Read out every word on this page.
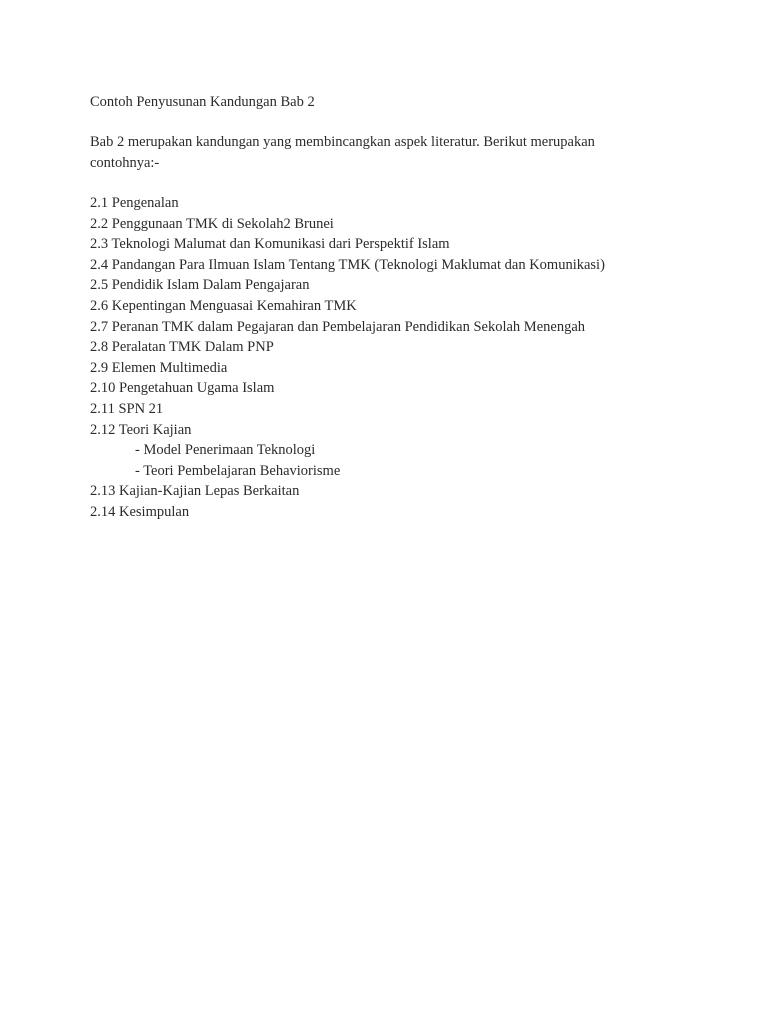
Contoh Penyusunan Kandungan Bab 2
Bab 2 merupakan kandungan yang membincangkan aspek literatur. Berikut merupakan contohnya:-
2.1 Pengenalan
2.2 Penggunaan TMK di Sekolah2 Brunei
2.3 Teknologi Malumat dan Komunikasi dari Perspektif Islam
2.4 Pandangan Para Ilmuan Islam Tentang TMK (Teknologi Maklumat dan Komunikasi)
2.5 Pendidik Islam Dalam Pengajaran
2.6 Kepentingan Menguasai Kemahiran TMK
2.7 Peranan TMK dalam Pegajaran dan Pembelajaran Pendidikan Sekolah Menengah
2.8 Peralatan TMK Dalam PNP
2.9 Elemen Multimedia
2.10 Pengetahuan Ugama Islam
2.11 SPN 21
2.12 Teori Kajian
- Model Penerimaan Teknologi
- Teori Pembelajaran Behaviorisme
2.13 Kajian-Kajian Lepas Berkaitan
2.14 Kesimpulan
